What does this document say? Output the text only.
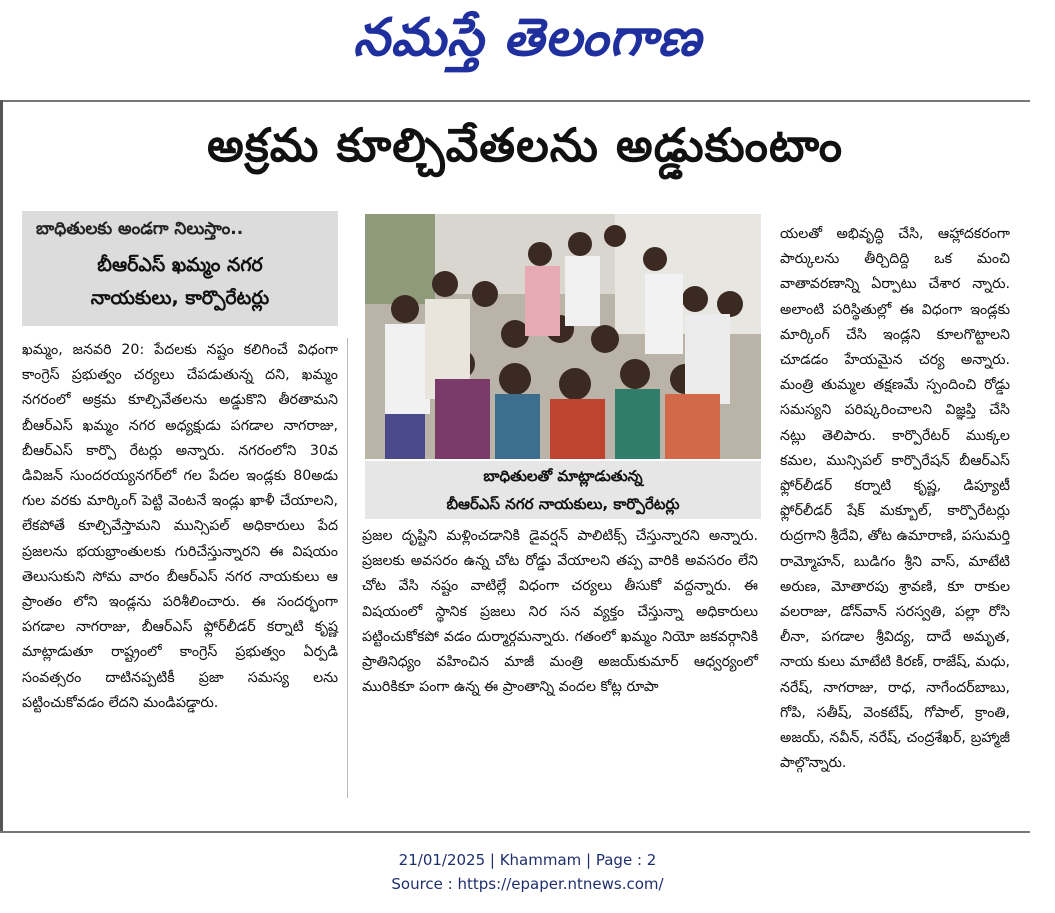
నమస్తే తెలంగాణ
అక్రమ కూల్చివేతలను అడ్డుకుంటాం
బాధితులకు అండగా నిలుస్తాం..
బీఆర్‌ఎస్‌ ఖమ్మం నగర
నాయకులు, కార్పొరేటర్లు

ఖమ్మం, జనవరి 20: పేదలకు నష్టం కలిగించే విధంగా కాంగ్రెస్‌ ప్రభుత్వం చర్యలు చేపడుతున్న దని, ఖమ్మం నగరంలో అక్రమ కూల్చివేతలను అడ్డుకొని తీరతామని బీఆర్‌ఎస్‌ ఖమ్మం నగర అధ్యక్షుడు పగడాల నాగరాజు, బీఆర్‌ఎస్‌ కార్పొ రేటర్లు అన్నారు. నగరంలోని 30వ డివిజన్‌ సుందరయ్యనగర్‌లో గల పేదల ఇండ్లకు 80అడు గుల వరకు మార్కింగ్‌ పెట్టి వెంటనే ఇండ్లు ఖాళీ చేయాలని, లేకపోతే కూల్చివేస్తామని మున్సిపల్‌ అధికారులు పేద ప్రజలను భయభ్రాంతులకు గురిచేస్తున్నారని ఈ విషయం తెలుసుకుని సోమ వారం బీఆర్‌ఎస్‌ నగర నాయకులు ఆ ప్రాంతం లోని ఇండ్లను పరిశీలించారు. ఈ సందర్భంగా పగడాల నాగరాజు, బీఆర్‌ఎస్‌ ఫ్లోర్‌లీడర్‌ కర్నాటి కృష్ణ మాట్లాడుతూ రాష్ట్రంలో కాంగ్రెస్‌ ప్రభుత్వం ఏర్పడి సంవత్సరం దాటినప్పటికీ ప్రజా సమస్య లను పట్టించుకోవడం లేదని మండిపడ్డారు.

బాధితులతో మాట్లాడుతున్న
బీఆర్‌ఎస్‌ నగర నాయకులు, కార్పొరేటర్లు

ప్రజల దృష్టిని మళ్లించడానికి డైవర్షన్‌ పాలిటిక్స్‌ చేస్తున్నారని అన్నారు. ప్రజలకు అవసరం ఉన్న చోట రోడ్డు వేయాలని తప్ప వారికి అవసరం లేని చోట వేసి నష్టం వాటిల్లే విధంగా చర్యలు తీసుకో వద్దన్నారు. ఈ విషయంలో స్థానిక ప్రజలు నిర సన వ్యక్తం చేస్తున్నా అధికారులు పట్టించుకోకపో వడం దుర్మార్గమన్నారు. గతంలో ఖమ్మం నియో జకవర్గానికి ప్రాతినిధ్యం వహించిన మాజీ మంత్రి అజయ్‌కుమార్‌ ఆధ్వర్యంలో మురికికూ పంగా ఉన్న ఈ ప్రాంతాన్ని వందల కోట్ల రూపా

యలతో అభివృద్ధి చేసి, ఆహ్లాదకరంగా పార్కులను తీర్చిదిద్ది ఒక మంచి వాతావరణాన్ని ఏర్పాటు చేశార న్నారు. అలాంటి పరిస్థితుల్లో ఈ విధంగా ఇండ్లకు మార్కింగ్‌ చేసి ఇండ్లని కూలగొట్టాలని చూడడం హేయమైన చర్య అన్నారు. మంత్రి తుమ్మల తక్షణమే స్పందించి రోడ్డు సమస్యని పరిష్కరించాలని విజ్ఞప్తి చేసి నట్లు తెలిపారు. కార్పొరేటర్‌ ముక్కల కమల, మున్సిపల్‌ కార్పొరేషన్‌ బీఆర్‌ఎస్‌ ఫ్లోర్‌లీడర్‌ కర్నాటి కృష్ణ, డిప్యూటీ ఫ్లోర్‌లీడర్‌ షేక్‌ మక్బూల్‌, కార్పొరేటర్లు రుద్రగాని శ్రీదేవి, తోట ఉమారాణి, పసుమర్తి రామ్మోహన్‌, బుడిగం శ్రీని వాస్‌, మాటేటి అరుణ, మోతారపు శ్రావణి, కూ రాకుల వలరాజు, డోన్‌వాన్‌ సరస్వతి, పల్లా రోసి లీనా, పగడాల శ్రీవిద్య, దాదే అమృత, నాయ కులు మాటేటి కిరణ్‌, రాజేష్‌, మధు, నరేష్‌, నాగరాజు, రాధ, నాగేందర్‌బాబు, గోపి, సతీష్‌, వెంకటేష్‌, గోపాల్‌, క్రాంతి, అజయ్‌, నవీన్‌, నరేష్‌, చంద్రశేఖర్‌, బ్రహ్మాజీ పాల్గొన్నారు.

21/01/2025 | Khammam | Page : 2
Source : https://epaper.ntnews.com/
